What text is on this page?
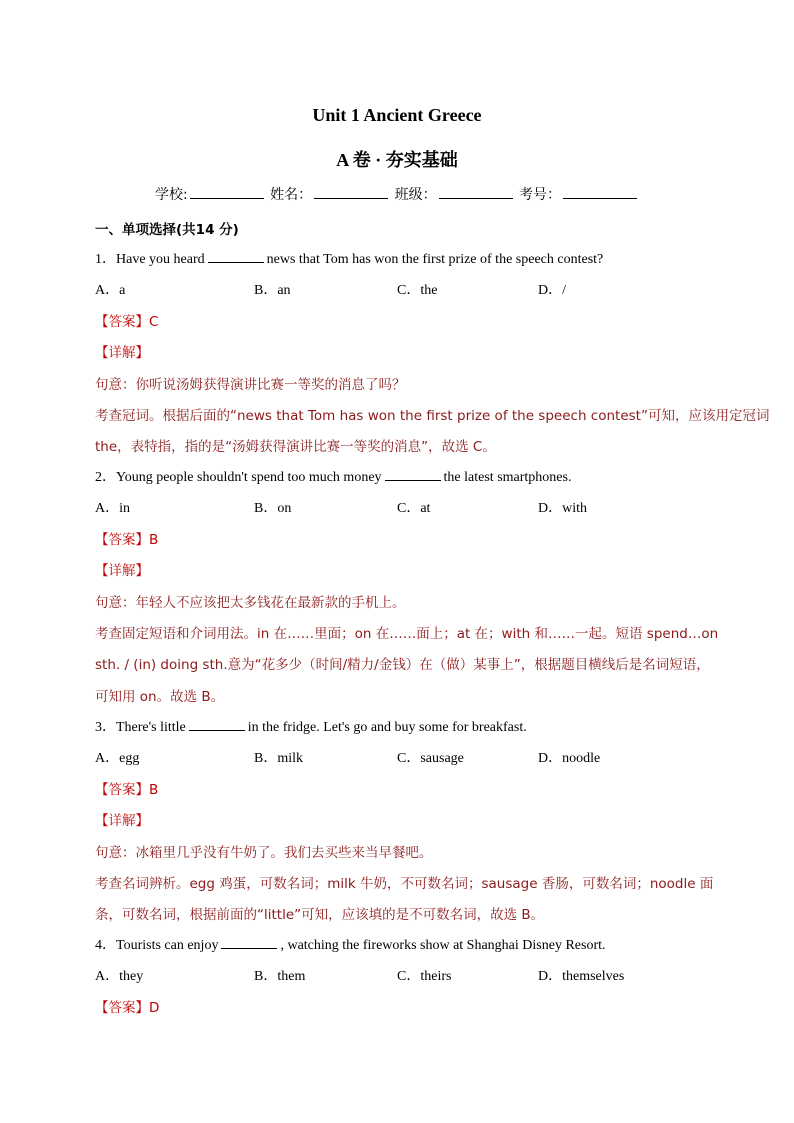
Unit 1 Ancient Greece
A 卷 · 夯实基础
学校:	姓名：	班级：	考号：
一、单项选择(共14 分)
1．Have you heard	news that Tom has won the first prize of the speech contest?
A．a	B．an	C．the	D．/
【答案】C
【详解】
句意：你听说汤姆获得演讲比赛一等奖的消息了吗？
考查冠词。根据后面的“news that Tom has won the first prize of the speech contest”可知，应该用定冠词
the，表特指，指的是“汤姆获得演讲比赛一等奖的消息”，故选 C。
2．Young people shouldn't spend too much money	the latest smartphones.
A．in	B．on	C．at	D．with
【答案】B
【详解】
句意：年轻人不应该把太多钱花在最新款的手机上。
考查固定短语和介词用法。in 在……里面；on 在……面上；at 在；with 和……一起。短语 spend…on
sth. / (in) doing sth.意为“花多少（时间/精力/金钱）在（做）某事上”，根据题目横线后是名词短语，
可知用 on。故选 B。
3．There's little	in the fridge. Let's go and buy some for breakfast.
A．egg	B．milk	C．sausage	D．noodle
【答案】B
【详解】
句意：冰箱里几乎没有牛奶了。我们去买些来当早餐吧。
考查名词辨析。egg 鸡蛋，可数名词；milk 牛奶，不可数名词；sausage 香肠，可数名词；noodle 面
条，可数名词，根据前面的“little”可知，应该填的是不可数名词，故选 B。
4．Tourists can enjoy	, watching the fireworks show at Shanghai Disney Resort.
A．they	B．them	C．theirs	D．themselves
【答案】D
